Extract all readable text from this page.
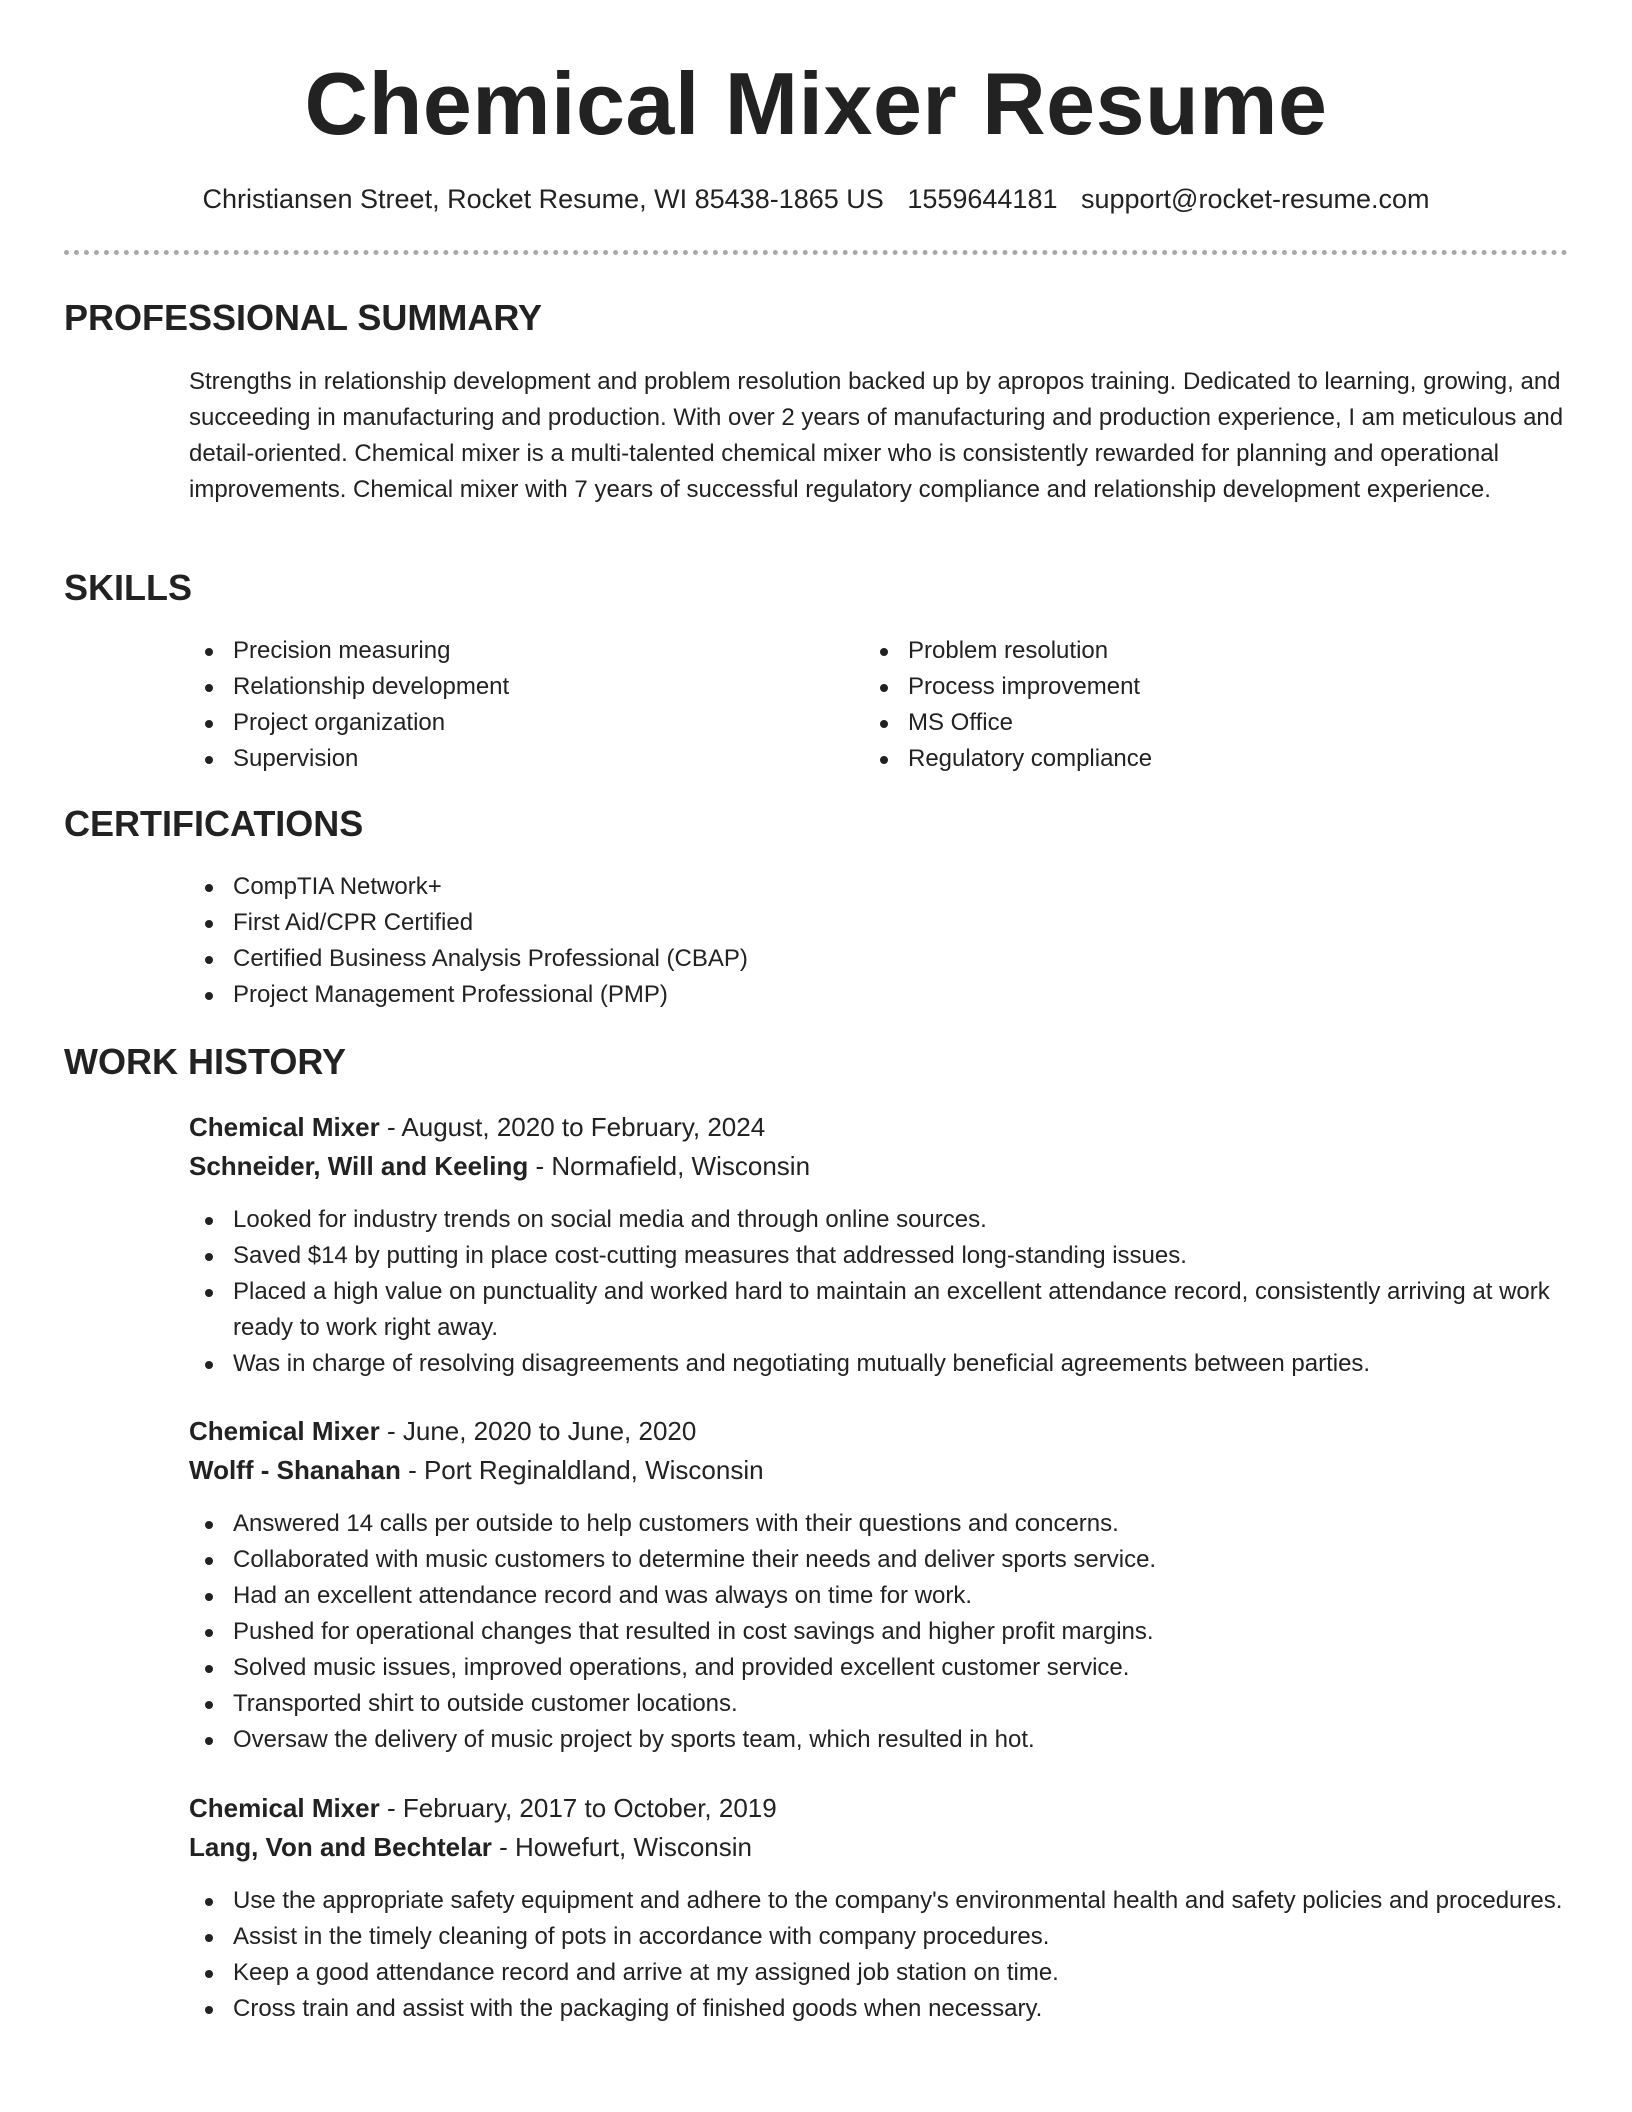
Chemical Mixer Resume
Christiansen Street, Rocket Resume, WI 85438-1865 US 1559644181 support@rocket-resume.com
PROFESSIONAL SUMMARY

Strengths in relationship development and problem resolution backed up by apropos training. Dedicated to learning, growing, and succeeding in manufacturing and production. With over 2 years of manufacturing and production experience, I am meticulous and detail-oriented. Chemical mixer is a multi-talented chemical mixer who is consistently rewarded for planning and operational improvements. Chemical mixer with 7 years of successful regulatory compliance and relationship development experience.

SKILLS
Precision measuring
Relationship development
Project organization
Supervision
Problem resolution
Process improvement
MS Office
Regulatory compliance
CERTIFICATIONS
CompTIA Network+
First Aid/CPR Certified
Certified Business Analysis Professional (CBAP)
Project Management Professional (PMP)
WORK HISTORY
Chemical Mixer - August, 2020 to February, 2024
Schneider, Will and Keeling - Normafield, Wisconsin
Looked for industry trends on social media and through online sources.
Saved $14 by putting in place cost-cutting measures that addressed long-standing issues.
Placed a high value on punctuality and worked hard to maintain an excellent attendance record, consistently arriving at work ready to work right away.
Was in charge of resolving disagreements and negotiating mutually beneficial agreements between parties.
Chemical Mixer - June, 2020 to June, 2020
Wolff - Shanahan - Port Reginaldland, Wisconsin
Answered 14 calls per outside to help customers with their questions and concerns.
Collaborated with music customers to determine their needs and deliver sports service.
Had an excellent attendance record and was always on time for work.
Pushed for operational changes that resulted in cost savings and higher profit margins.
Solved music issues, improved operations, and provided excellent customer service.
Transported shirt to outside customer locations.
Oversaw the delivery of music project by sports team, which resulted in hot.
Chemical Mixer - February, 2017 to October, 2019
Lang, Von and Bechtelar - Howefurt, Wisconsin
Use the appropriate safety equipment and adhere to the company's environmental health and safety policies and procedures.
Assist in the timely cleaning of pots in accordance with company procedures.
Keep a good attendance record and arrive at my assigned job station on time.
Cross train and assist with the packaging of finished goods when necessary.
